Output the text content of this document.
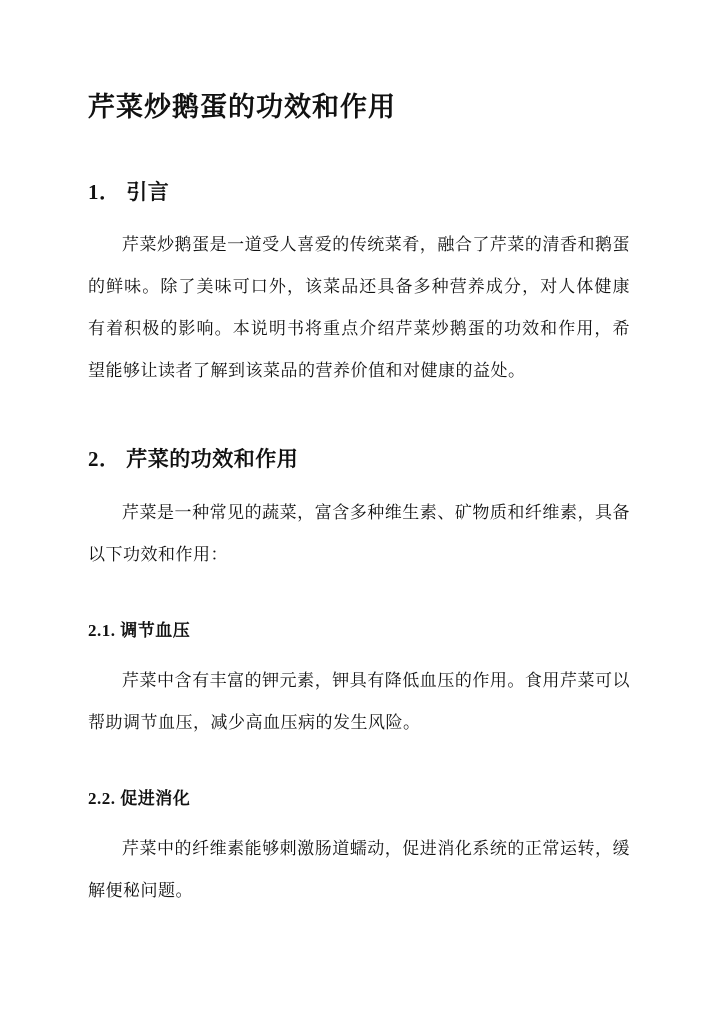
芹菜炒鹅蛋的功效和作用
1． 引言

芹菜炒鹅蛋是一道受人喜爱的传统菜肴，融合了芹菜的清香和鹅蛋的鲜味。除了美味可口外，该菜品还具备多种营养成分，对人体健康有着积极的影响。本说明书将重点介绍芹菜炒鹅蛋的功效和作用，希望能够让读者了解到该菜品的营养价值和对健康的益处。

2． 芹菜的功效和作用

芹菜是一种常见的蔬菜，富含多种维生素、矿物质和纤维素，具备以下功效和作用：

2.1. 调节血压

芹菜中含有丰富的钾元素，钾具有降低血压的作用。食用芹菜可以帮助调节血压，减少高血压病的发生风险。

2.2. 促进消化

芹菜中的纤维素能够刺激肠道蠕动，促进消化系统的正常运转，缓解便秘问题。
